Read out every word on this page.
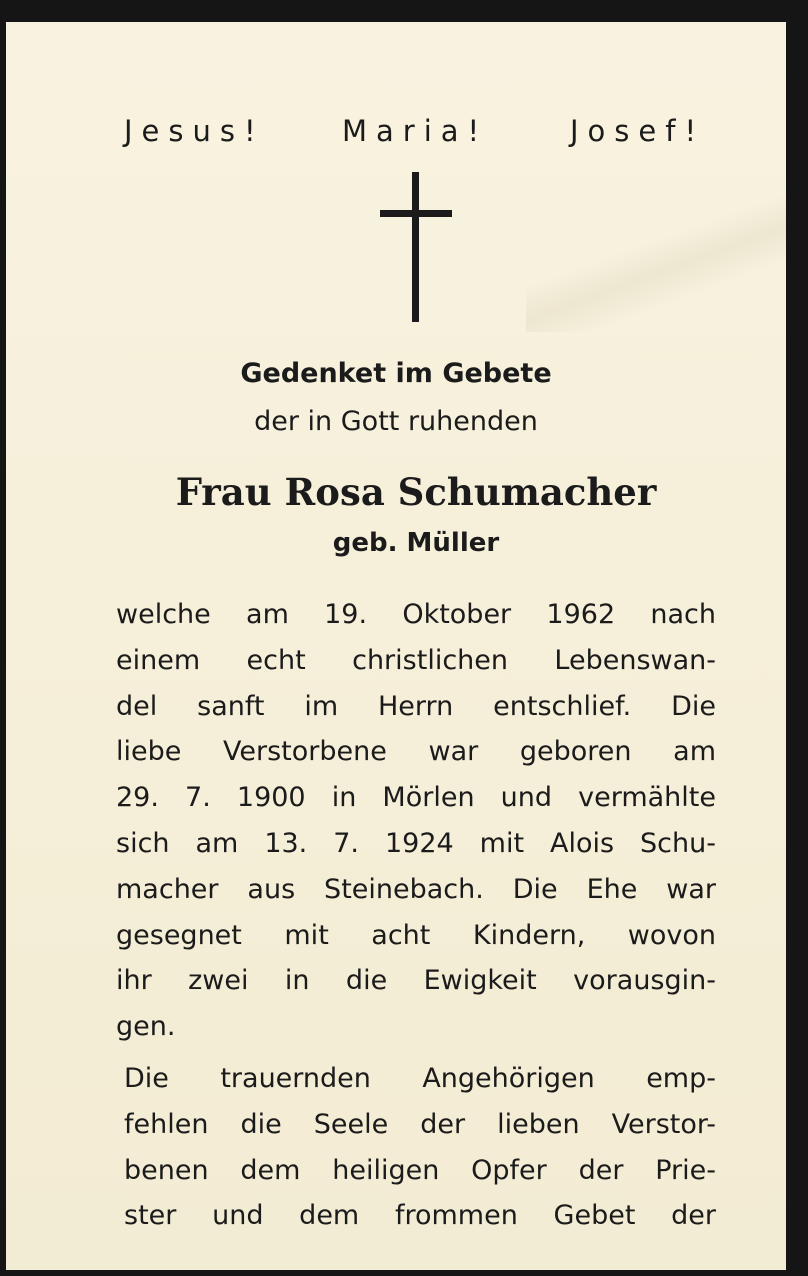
Jesus!	Maria!	Josef!
Gedenket im Gebete
der in Gott ruhenden
Frau Rosa Schumacher
geb. Müller
welche am 19. Oktober 1962 nach
einem echt christlichen Lebenswan-
del sanft im Herrn entschlief. Die
liebe Verstorbene war geboren am
29. 7. 1900 in Mörlen und vermählte
sich am 13. 7. 1924 mit Alois Schu-
macher aus Steinebach. Die Ehe war
gesegnet mit acht Kindern, wovon
ihr zwei in die Ewigkeit vorausgin-
gen.
Die trauernden Angehörigen emp-
fehlen die Seele der lieben Verstor-
benen dem heiligen Opfer der Prie-
ster und dem frommen Gebet der
